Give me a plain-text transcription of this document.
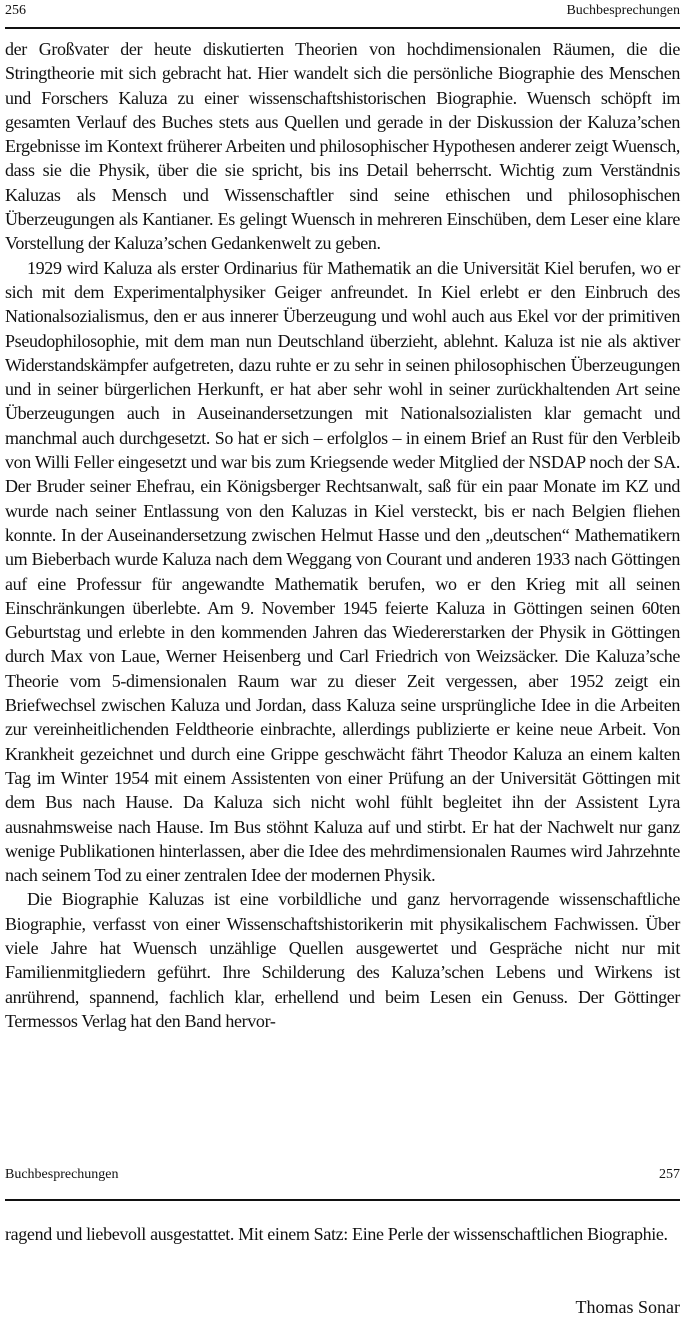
256	Buchbesprechungen

der Großvater der heute diskutierten Theorien von hochdimensionalen Räumen, die die Stringtheorie mit sich gebracht hat. Hier wandelt sich die persönliche Biographie des Menschen und Forschers Kaluza zu einer wissenschaftshistorischen Biographie. Wuensch schöpft im gesamten Verlauf des Buches stets aus Quellen und gerade in der Diskussion der Kaluza’schen Ergebnisse im Kontext früherer Arbeiten und philosophischer Hypothesen anderer zeigt Wuensch, dass sie die Physik, über die sie spricht, bis ins Detail beherrscht. Wichtig zum Verständnis Kaluzas als Mensch und Wissenschaftler sind seine ethischen und philosophischen Überzeugungen als Kantianer. Es gelingt Wuensch in mehreren Einschüben, dem Leser eine klare Vorstellung der Kaluza’schen Gedankenwelt zu geben.

1929 wird Kaluza als erster Ordinarius für Mathematik an die Universität Kiel berufen, wo er sich mit dem Experimentalphysiker Geiger anfreundet. In Kiel erlebt er den Einbruch des Nationalsozialismus, den er aus innerer Überzeugung und wohl auch aus Ekel vor der primitiven Pseudophilosophie, mit dem man nun Deutschland überzieht, ablehnt. Kaluza ist nie als aktiver Widerstandskämpfer aufgetreten, dazu ruhte er zu sehr in seinen philosophischen Überzeugungen und in seiner bürgerlichen Herkunft, er hat aber sehr wohl in seiner zurückhaltenden Art seine Überzeugungen auch in Auseinandersetzungen mit Nationalsozialisten klar gemacht und manchmal auch durchgesetzt. So hat er sich – erfolglos – in einem Brief an Rust für den Verbleib von Willi Feller eingesetzt und war bis zum Kriegsende weder Mitglied der NSDAP noch der SA. Der Bruder seiner Ehefrau, ein Königsberger Rechtsanwalt, saß für ein paar Monate im KZ und wurde nach seiner Entlassung von den Kaluzas in Kiel versteckt, bis er nach Belgien fliehen konnte. In der Auseinandersetzung zwischen Helmut Hasse und den „deutschen“ Mathematikern um Bieberbach wurde Kaluza nach dem Weggang von Courant und anderen 1933 nach Göttingen auf eine Professur für angewandte Mathematik berufen, wo er den Krieg mit all seinen Einschränkungen überlebte. Am 9. November 1945 feierte Kaluza in Göttingen seinen 60ten Geburtstag und erlebte in den kommenden Jahren das Wiedererstarken der Physik in Göttingen durch Max von Laue, Werner Heisenberg und Carl Friedrich von Weizsäcker. Die Kaluza’sche Theorie vom 5-dimensionalen Raum war zu dieser Zeit vergessen, aber 1952 zeigt ein Briefwechsel zwischen Kaluza und Jordan, dass Kaluza seine ursprüngliche Idee in die Arbeiten zur vereinheitlichenden Feldtheorie einbrachte, allerdings publizierte er keine neue Arbeit. Von Krankheit gezeichnet und durch eine Grippe geschwächt fährt Theodor Kaluza an einem kalten Tag im Winter 1954 mit einem Assistenten von einer Prüfung an der Universität Göttingen mit dem Bus nach Hause. Da Kaluza sich nicht wohl fühlt begleitet ihn der Assistent Lyra ausnahmsweise nach Hause. Im Bus stöhnt Kaluza auf und stirbt. Er hat der Nachwelt nur ganz wenige Publikationen hinterlassen, aber die Idee des mehrdimensionalen Raumes wird Jahrzehnte nach seinem Tod zu einer zentralen Idee der modernen Physik.

Die Biographie Kaluzas ist eine vorbildliche und ganz hervorragende wissenschaftliche Biographie, verfasst von einer Wissenschaftshistorikerin mit physikalischem Fachwissen. Über viele Jahre hat Wuensch unzählige Quellen ausgewertet und Gespräche nicht nur mit Familienmitgliedern geführt. Ihre Schilderung des Kaluza’schen Lebens und Wirkens ist anrührend, spannend, fachlich klar, erhellend und beim Lesen ein Genuss. Der Göttinger Termessos Verlag hat den Band hervor-

Buchbesprechungen	257

ragend und liebevoll ausgestattet. Mit einem Satz: Eine Perle der wissenschaftlichen Biographie.

Thomas Sonar
